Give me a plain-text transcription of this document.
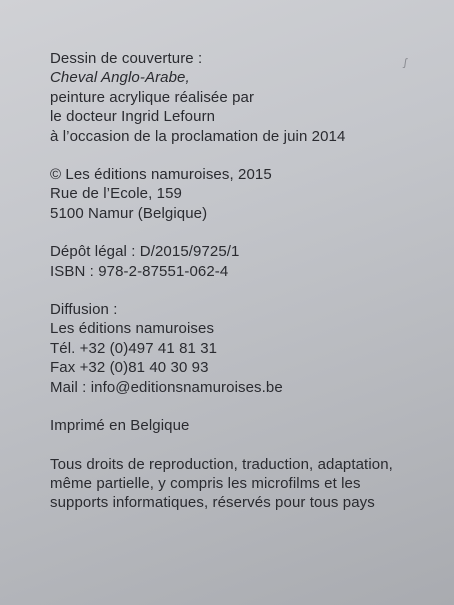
ʃ
Dessin de couverture :
Cheval Anglo-Arabe,
peinture acrylique réalisée par
le docteur Ingrid Lefourn
à l’occasion de la proclamation de juin 2014
© Les éditions namuroises, 2015
Rue de l’Ecole, 159
5100 Namur (Belgique)
Dépôt légal : D/2015/9725/1
ISBN : 978-2-87551-062-4
Diffusion :
Les éditions namuroises
Tél. +32 (0)497 41 81 31
Fax +32 (0)81 40 30 93
Mail : info@editionsnamuroises.be
Imprimé en Belgique
Tous droits de reproduction, traduction, adaptation,
même partielle, y compris les microfilms et les
supports informatiques, réservés pour tous pays
